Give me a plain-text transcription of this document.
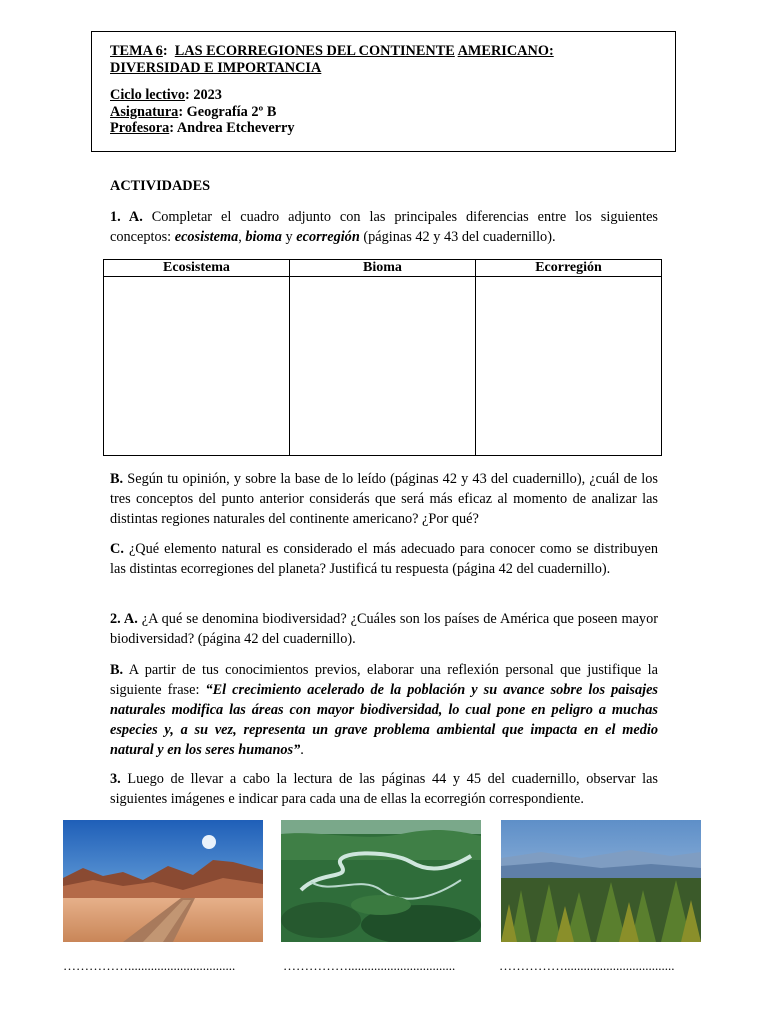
TEMA 6:  LAS ECORREGIONES DEL CONTINENTE AMERICANO:
DIVERSIDAD E IMPORTANCIA
Ciclo lectivo: 2023
Asignatura: Geografía 2º B
Profesora: Andrea Etcheverry
ACTIVIDADES
1. A. Completar el cuadro adjunto con las principales diferencias entre los siguientes conceptos: ecosistema, bioma y ecorregión (páginas 42 y 43 del cuadernillo).
Ecosistema	Bioma	Ecorregión

B. Según tu opinión, y sobre la base de lo leído (páginas 42 y 43 del cuadernillo), ¿cuál de los tres conceptos del punto anterior considerás que será más eficaz al momento de analizar las distintas regiones naturales del continente americano? ¿Por qué?
C. ¿Qué elemento natural es considerado el más adecuado para conocer como se distribuyen las distintas ecorregiones del planeta? Justificá tu respuesta (página 42 del cuadernillo).
2. A. ¿A qué se denomina biodiversidad? ¿Cuáles son los países de América que poseen mayor biodiversidad? (página 42 del cuadernillo).
B. A partir de tus conocimientos previos, elaborar una reflexión personal que justifique la siguiente frase: “El crecimiento acelerado de la población y su avance sobre los paisajes naturales modifica las áreas con mayor biodiversidad, lo cual pone en peligro a muchas especies y, a su vez, representa un grave problema ambiental que impacta en el medio natural y en los seres humanos”.
3. Luego de llevar a cabo la lectura de las páginas 44 y 45 del cuadernillo, observar las siguientes imágenes e indicar para cada una de ellas la ecorregión correspondiente.
…………….................................	…………….................................	……………..................................
